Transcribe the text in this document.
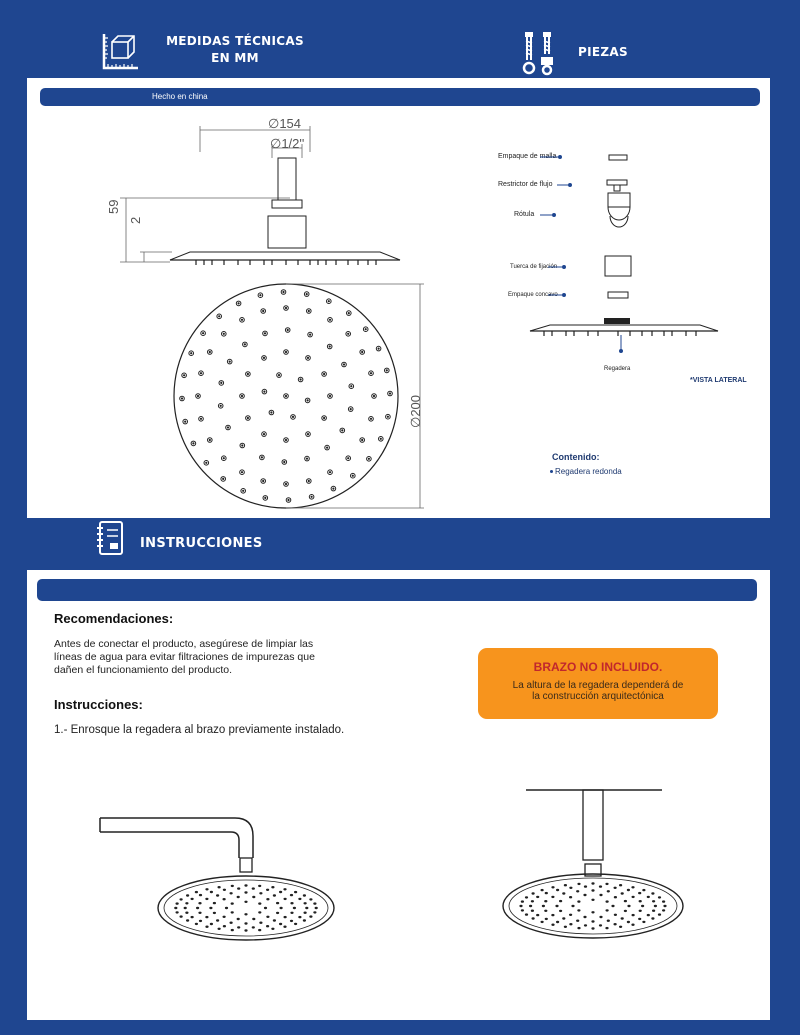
MEDIDAS TÉCNICAS
EN MM	PIEZAS
Hecho en china
∅154
∅1/2''
59
2
∅200
Empaque de malla
Restrictor de flujo
Rótula
Tuerca de fijación
Empaque concavo
Regadera
*VISTA LATERAL
Contenido:
Regadera redonda
INSTRUCCIONES
Recomendaciones:
Antes de conectar el producto, asegúrese de limpiar las
líneas de agua para evitar filtraciones de impurezas que
dañen el funcionamiento del producto.
Instrucciones:
1.- Enrosque la regadera al brazo previamente instalado.
BRAZO NO INCLUIDO.
La altura de la regadera dependerá de
la construcción arquitectónica
